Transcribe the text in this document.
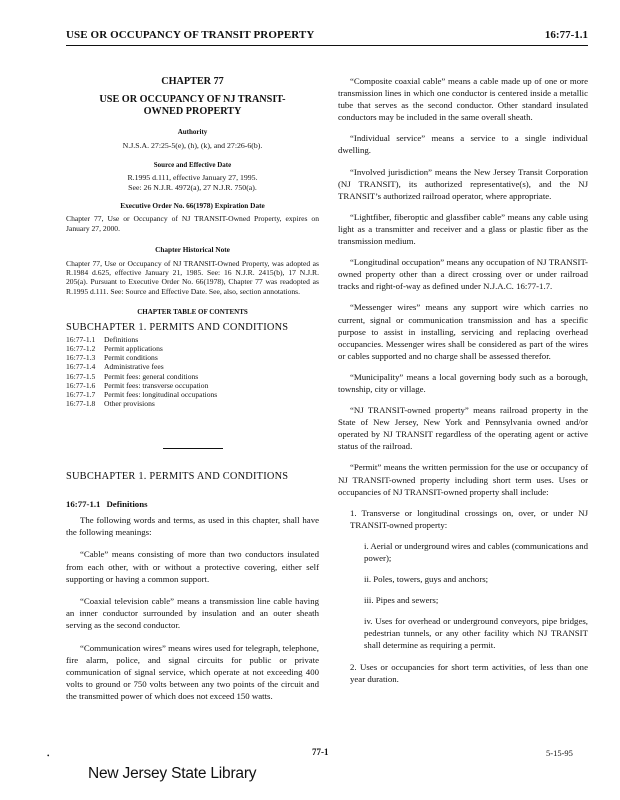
USE OR OCCUPANCY OF TRANSIT PROPERTY	16:77-1.1
CHAPTER 77
USE OR OCCUPANCY OF NJ TRANSIT-
OWNED PROPERTY
Authority
N.J.S.A. 27:25-5(e), (h), (k), and 27:26-6(b).
Source and Effective Date
R.1995 d.111, effective January 27, 1995.
See: 26 N.J.R. 4972(a), 27 N.J.R. 750(a).
Executive Order No. 66(1978) Expiration Date
Chapter 77, Use or Occupancy of NJ TRANSIT-Owned Property, expires on January 27, 2000.
Chapter Historical Note
Chapter 77, Use or Occupancy of NJ TRANSIT-Owned Property, was adopted as R.1984 d.625, effective January 21, 1985. See: 16 N.J.R. 2415(b), 17 N.J.R. 205(a). Pursuant to Executive Order No. 66(1978), Chapter 77 was readopted as R.1995 d.111. See: Source and Effective Date. See, also, section annotations.
CHAPTER TABLE OF CONTENTS
SUBCHAPTER 1. PERMITS AND CONDITIONS
16:77-1.1	Definitions
16:77-1.2	Permit applications
16:77-1.3	Permit conditions
16:77-1.4	Administrative fees
16:77-1.5	Permit fees: general conditions
16:77-1.6	Permit fees: transverse occupation
16:77-1.7	Permit fees: longitudinal occupations
16:77-1.8	Other provisions
SUBCHAPTER 1. PERMITS AND CONDITIONS
16:77-1.1 Definitions
The following words and terms, as used in this chapter, shall have the following meanings:
“Cable” means consisting of more than two conductors insulated from each other, with or without a protective covering, either self supporting or having a common support.
“Coaxial television cable” means a transmission line cable having an inner conductor surrounded by insulation and an outer sheath serving as the second conductor.
“Communication wires” means wires used for telegraph, telephone, fire alarm, police, and signal circuits for public or private communication of signal service, which operate at not exceeding 400 volts to ground or 750 volts between any two points of the circuit and the transmitted power of which does not exceed 150 watts.
“Composite coaxial cable” means a cable made up of one or more transmission lines in which one conductor is centered inside a metallic tube that serves as the second conductor. Other standard insulated conductors may be included in the same overall sheath.
“Individual service” means a service to a single individual dwelling.
“Involved jurisdiction” means the New Jersey Transit Corporation (NJ TRANSIT), its authorized representative(s), and the NJ TRANSIT’s authorized railroad operator, where appropriate.
“Lightfiber, fiberoptic and glassfiber cable” means any cable using light as a transmitter and receiver and a glass or plastic fiber as the transmission medium.
“Longitudinal occupation” means any occupation of NJ TRANSIT-owned property other than a direct crossing over or under railroad tracks and right-of-way as defined under N.J.A.C. 16:77-1.7.
“Messenger wires” means any support wire which carries no current, signal or communication transmission and has a specific purpose to assist in installing, servicing and replacing overhead occupancies. Messenger wires shall be considered as part of the wires or cables supported and no charge shall be assessed therefor.
“Municipality” means a local governing body such as a borough, township, city or village.
“NJ TRANSIT-owned property” means railroad property in the State of New Jersey, New York and Pennsylvania owned and/or operated by NJ TRANSIT regardless of the operating agent or active status of the railroad.
“Permit” means the written permission for the use or occupancy of NJ TRANSIT-owned property including short term uses. Uses or occupancies of NJ TRANSIT-owned property shall include:
1. Transverse or longitudinal crossings on, over, or under NJ TRANSIT-owned property:
i. Aerial or underground wires and cables (communications and power);
ii. Poles, towers, guys and anchors;
iii. Pipes and sewers;
iv. Uses for overhead or underground conveyors, pipe bridges, pedestrian tunnels, or any other facility which NJ TRANSIT shall determine as requiring a permit.
2. Uses or occupancies for short term activities, of less than one year duration.
•	77-1	5-15-95
New Jersey State Library
